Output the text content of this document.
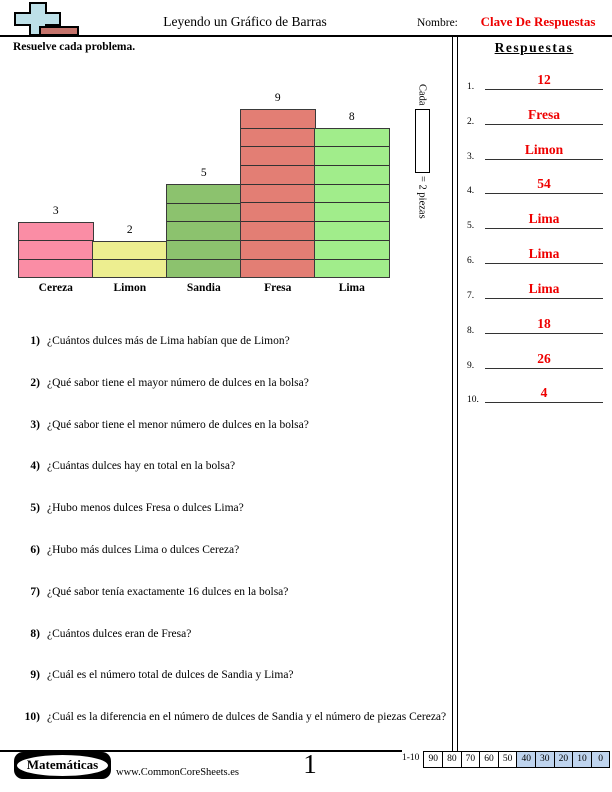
Leyendo un Gráfico de Barras	Nombre:	Clave De Respuestas
Resuelve cada problema.
3
2
5
9
8
Cereza	Limon	Sandia	Fresa	Lima
Cada
= 2 piezas
1) ¿Cuántos dulces más de Lima habían que de Limon?
2) ¿Qué sabor tiene el mayor número de dulces en la bolsa?
3) ¿Qué sabor tiene el menor número de dulces en la bolsa?
4) ¿Cuántas dulces hay en total en la bolsa?
5) ¿Hubo menos dulces Fresa o dulces Lima?
6) ¿Hubo más dulces Lima o dulces Cereza?
7) ¿Qué sabor tenía exactamente 16 dulces en la bolsa?
8) ¿Cuántos dulces eran de Fresa?
9) ¿Cuál es el número total de dulces de Sandia y Lima?
10) ¿Cuál es la diferencia en el número de dulces de Sandia y el número de piezas Cereza?
Respuestas
1.	12
2.	Fresa
3.	Limon
4.	54
5.	Lima
6.	Lima
7.	Lima
8.	18
9.	26
10.	4
Matemáticas
www.CommonCoreSheets.es	1	1-10 90 80 70 60 50 40 30 20 10	0
